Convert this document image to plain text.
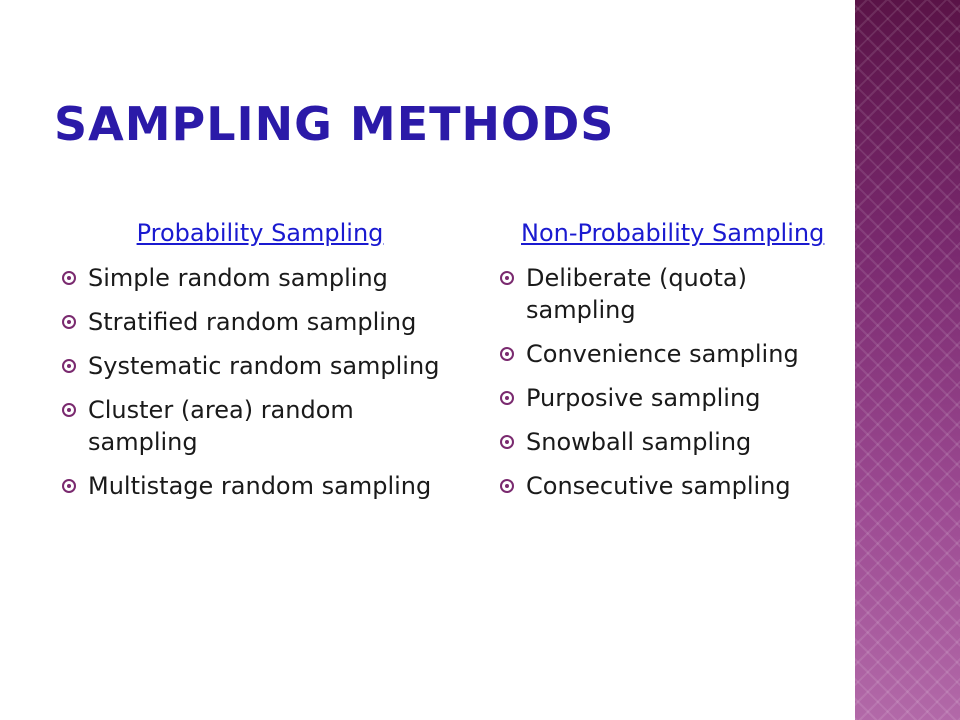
SAMPLING METHODS
Probability Sampling
Simple random sampling
Stratified random sampling
Systematic random sampling
Cluster (area) random sampling
Multistage random sampling
Non-Probability Sampling
Deliberate (quota) sampling
Convenience sampling
Purposive sampling
Snowball sampling
Consecutive sampling
